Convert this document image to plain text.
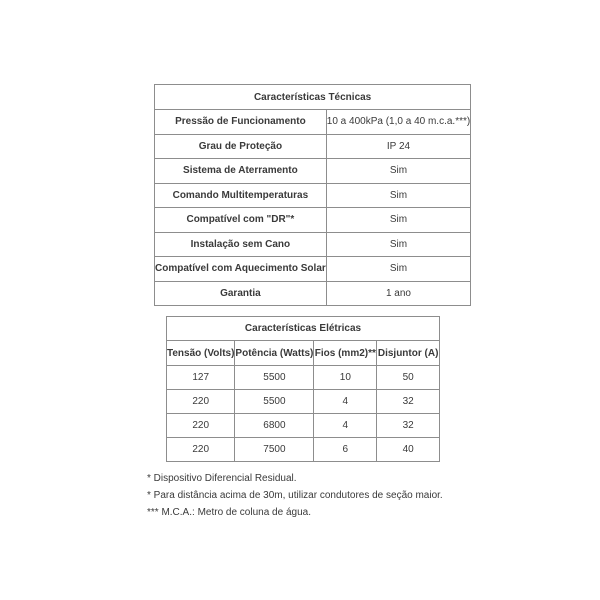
Características Técnicas	
Pressão de Funcionamento	10 a 400kPa (1,0 a 40 m.c.a.***)
Grau de Proteção	IP 24
Sistema de Aterramento	Sim
Comando Multitemperaturas	Sim
Compatível com "DR"*	Sim
Instalação sem Cano	Sim
Compatível com Aquecimento Solar	Sim
Garantia	1 ano
Características Elétricas			
Tensão (Volts)	Potência (Watts)	Fios (mm2)**	Disjuntor (A)
127	5500	10	50
220	5500	4	32
220	6800	4	32
220	7500	6	40
* Dispositivo Diferencial Residual.
* Para distância acima de 30m, utilizar condutores de seção maior.
*** M.C.A.: Metro de coluna de água.
